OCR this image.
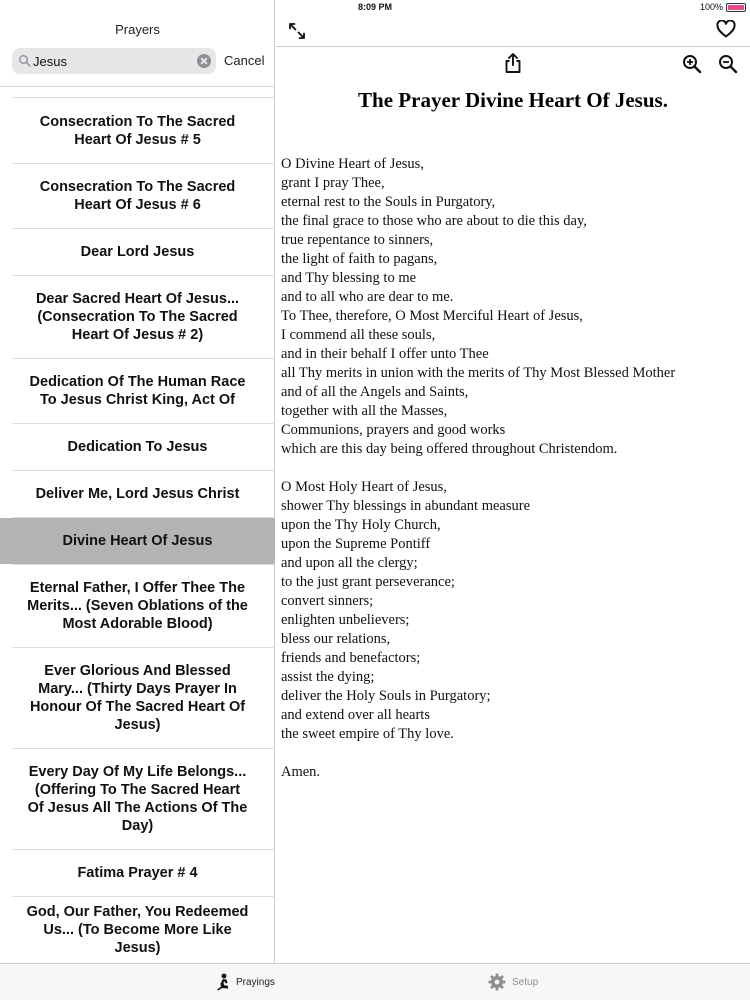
8:09 PM	100%
Prayers
Jesus
Cancel
Consecration To The Sacred
Heart Of Jesus # 5
Consecration To The Sacred
Heart Of Jesus # 6
Dear Lord Jesus
Dear Sacred Heart Of Jesus...
(Consecration To The Sacred
Heart Of Jesus # 2)
Dedication Of The Human Race
To Jesus Christ King, Act Of
Dedication To Jesus
Deliver Me, Lord Jesus Christ
Divine Heart Of Jesus
Eternal Father, I Offer Thee The
Merits... (Seven Oblations of the
Most Adorable Blood)
Ever Glorious And Blessed
Mary... (Thirty Days Prayer In
Honour Of The Sacred Heart Of
Jesus)
Every Day Of My Life Belongs...
(Offering To The Sacred Heart
Of Jesus All The Actions Of The
Day)
Fatima Prayer # 4
God, Our Father, You Redeemed
Us... (To Become More Like
Jesus)
The Prayer Divine Heart Of Jesus.
O Divine Heart of Jesus,
grant I pray Thee,
eternal rest to the Souls in Purgatory,
the final grace to those who are about to die this day,
true repentance to sinners,
the light of faith to pagans,
and Thy blessing to me
and to all who are dear to me.
To Thee, therefore, O Most Merciful Heart of Jesus,
I commend all these souls,
and in their behalf I offer unto Thee
all Thy merits in union with the merits of Thy Most Blessed Mother
and of all the Angels and Saints,
together with all the Masses,
Communions, prayers and good works
which are this day being offered throughout Christendom.
O Most Holy Heart of Jesus,
shower Thy blessings in abundant measure
upon the Thy Holy Church,
upon the Supreme Pontiff
and upon all the clergy;
to the just grant perseverance;
convert sinners;
enlighten unbelievers;
bless our relations,
friends and benefactors;
assist the dying;
deliver the Holy Souls in Purgatory;
and extend over all hearts
the sweet empire of Thy love.
Amen.
Prayings	Setup
